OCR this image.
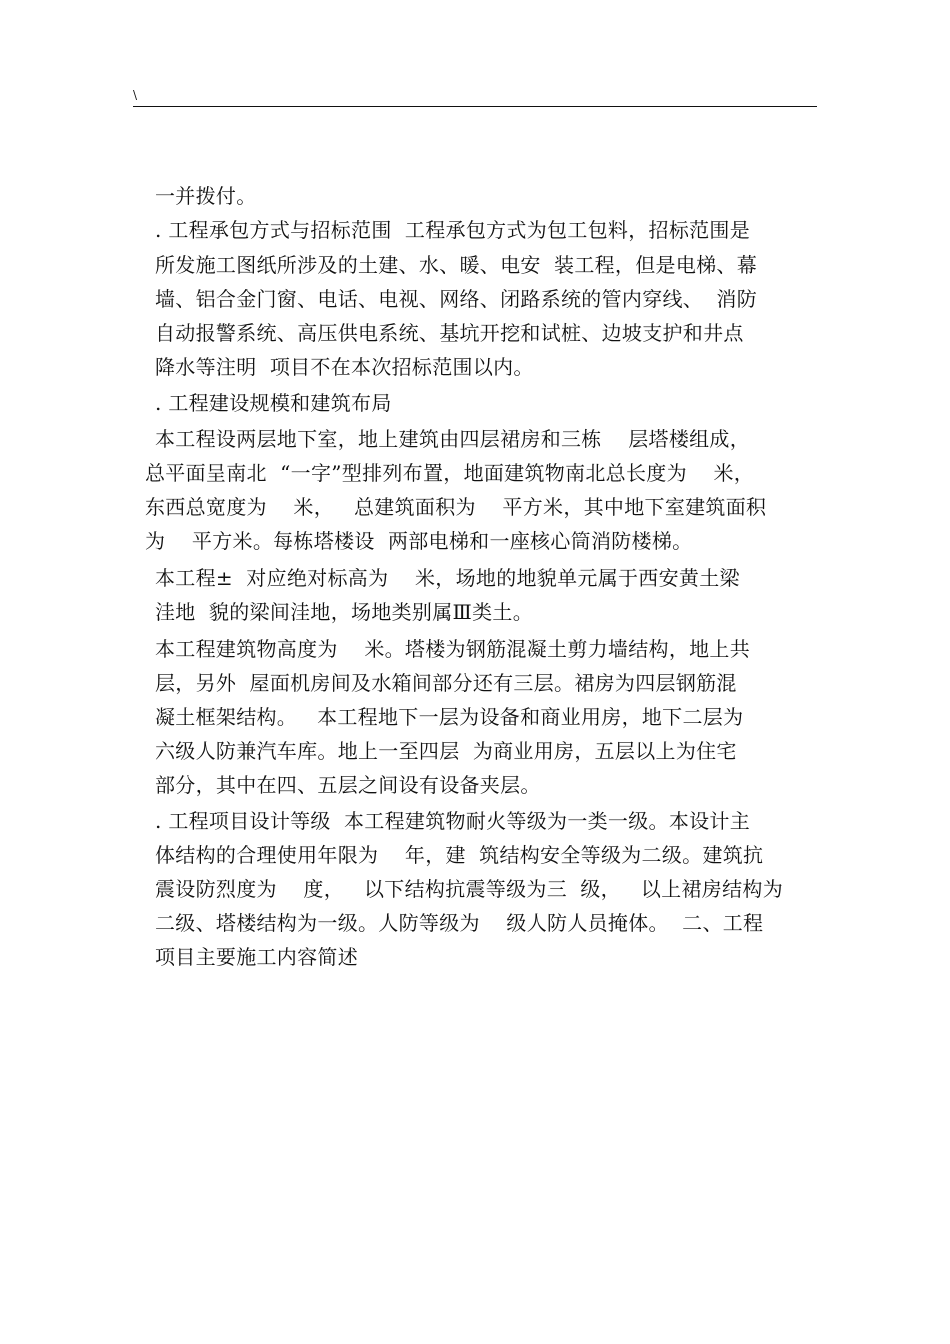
\
一并拨付。
. 工程承包方式与招标范围  工程承包方式为包工包料，招标范围是
所发施工图纸所涉及的土建、水、暖、电安  装工程，但是电梯、幕
墙、铝合金门窗、电话、电视、网络、闭路系统的管内穿线、  消防
自动报警系统、高压供电系统、基坑开挖和试桩、边坡支护和井点
降水等注明  项目不在本次招标范围以内。
. 工程建设规模和建筑布局
本工程设两层地下室，地上建筑由四层裙房和三栋    层塔楼组成，
总平面呈南北  “一字”型排列布置，地面建筑物南北总长度为    米，
东西总宽度为    米，   总建筑面积为    平方米，其中地下室建筑面积
为    平方米。每栋塔楼设  两部电梯和一座核心筒消防楼梯。
本工程±  对应绝对标高为    米，场地的地貌单元属于西安黄土梁
洼地  貌的梁间洼地，场地类别属Ⅲ类土。
本工程建筑物高度为    米。塔楼为钢筋混凝土剪力墙结构，地上共
层，另外  屋面机房间及水箱间部分还有三层。裙房为四层钢筋混
凝土框架结构。   本工程地下一层为设备和商业用房，地下二层为
六级人防兼汽车库。地上一至四层  为商业用房，五层以上为住宅
部分，其中在四、五层之间设有设备夹层。
. 工程项目设计等级  本工程建筑物耐火等级为一类一级。本设计主
体结构的合理使用年限为    年，建  筑结构安全等级为二级。建筑抗
震设防烈度为    度，   以下结构抗震等级为三  级，   以上裙房结构为
二级、塔楼结构为一级。人防等级为    级人防人员掩体。  二、工程
项目主要施工内容简述
